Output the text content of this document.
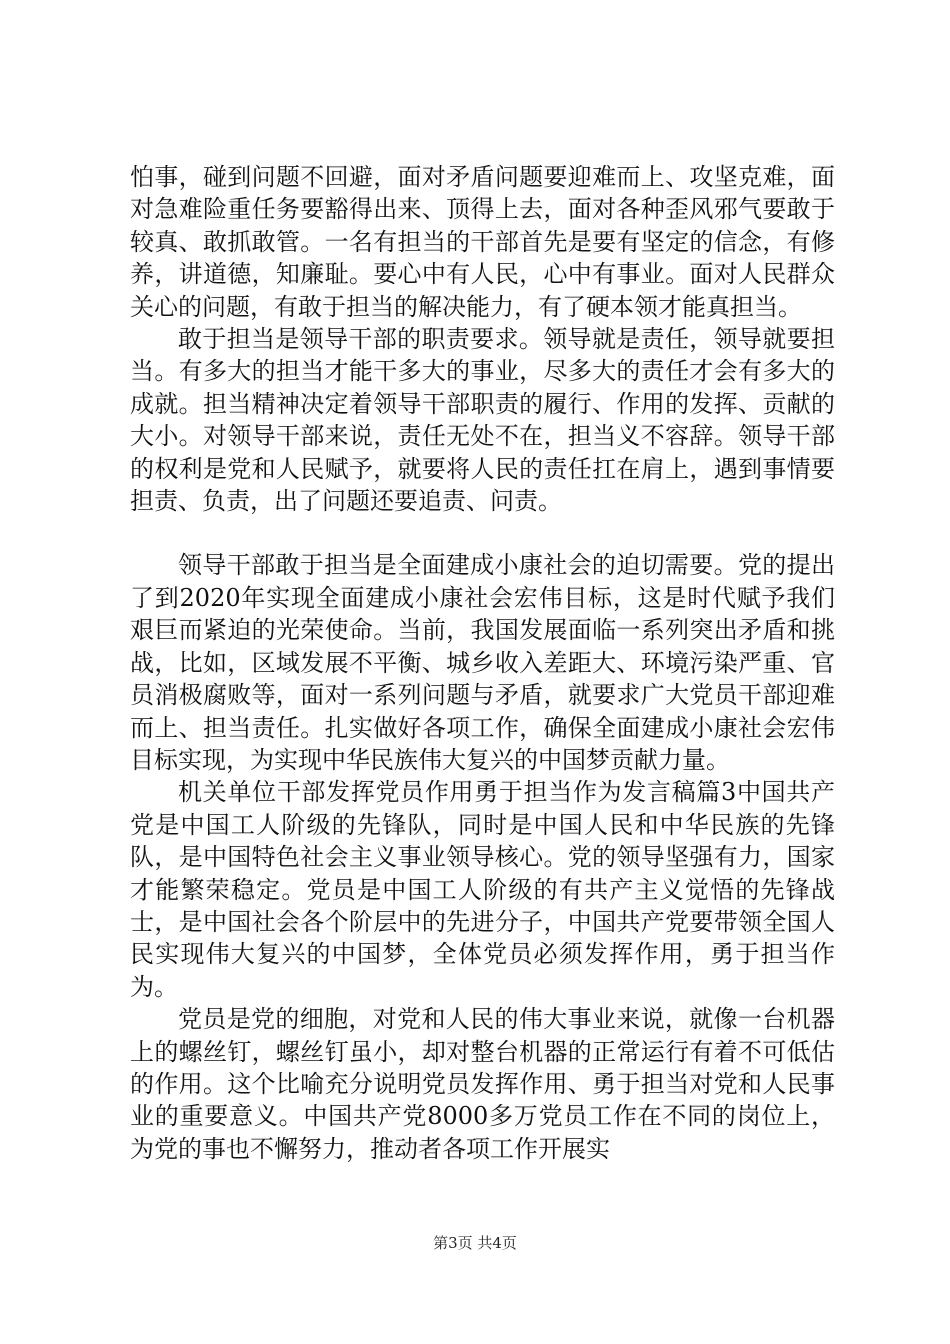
怕事，碰到问题不回避，面对矛盾问题要迎难而上、攻坚克难，面对急难险重任务要豁得出来、顶得上去，面对各种歪风邪气要敢于较真、敢抓敢管。一名有担当的干部首先是要有坚定的信念，有修养，讲道德，知廉耻。要心中有人民，心中有事业。面对人民群众关心的问题，有敢于担当的解决能力，有了硬本领才能真担当。

敢于担当是领导干部的职责要求。领导就是责任，领导就要担当。有多大的担当才能干多大的事业，尽多大的责任才会有多大的成就。担当精神决定着领导干部职责的履行、作用的发挥、贡献的大小。对领导干部来说，责任无处不在，担当义不容辞。领导干部的权利是党和人民赋予，就要将人民的责任扛在肩上，遇到事情要担责、负责，出了问题还要追责、问责。

领导干部敢于担当是全面建成小康社会的迫切需要。党的提出了到2020年实现全面建成小康社会宏伟目标，这是时代赋予我们艰巨而紧迫的光荣使命。当前，我国发展面临一系列突出矛盾和挑战，比如，区域发展不平衡、城乡收入差距大、环境污染严重、官员消极腐败等，面对一系列问题与矛盾，就要求广大党员干部迎难而上、担当责任。扎实做好各项工作，确保全面建成小康社会宏伟目标实现，为实现中华民族伟大复兴的中国梦贡献力量。

机关单位干部发挥党员作用勇于担当作为发言稿篇3中国共产党是中国工人阶级的先锋队，同时是中国人民和中华民族的先锋队，是中国特色社会主义事业领导核心。党的领导坚强有力，国家才能繁荣稳定。党员是中国工人阶级的有共产主义觉悟的先锋战士，是中国社会各个阶层中的先进分子，中国共产党要带领全国人民实现伟大复兴的中国梦，全体党员必须发挥作用，勇于担当作为。

党员是党的细胞，对党和人民的伟大事业来说，就像一台机器上的螺丝钉，螺丝钉虽小，却对整台机器的正常运行有着不可低估的作用。这个比喻充分说明党员发挥作用、勇于担当对党和人民事业的重要意义。中国共产党8000多万党员工作在不同的岗位上，为党的事也不懈努力，推动者各项工作开展实

第3页 共4页
